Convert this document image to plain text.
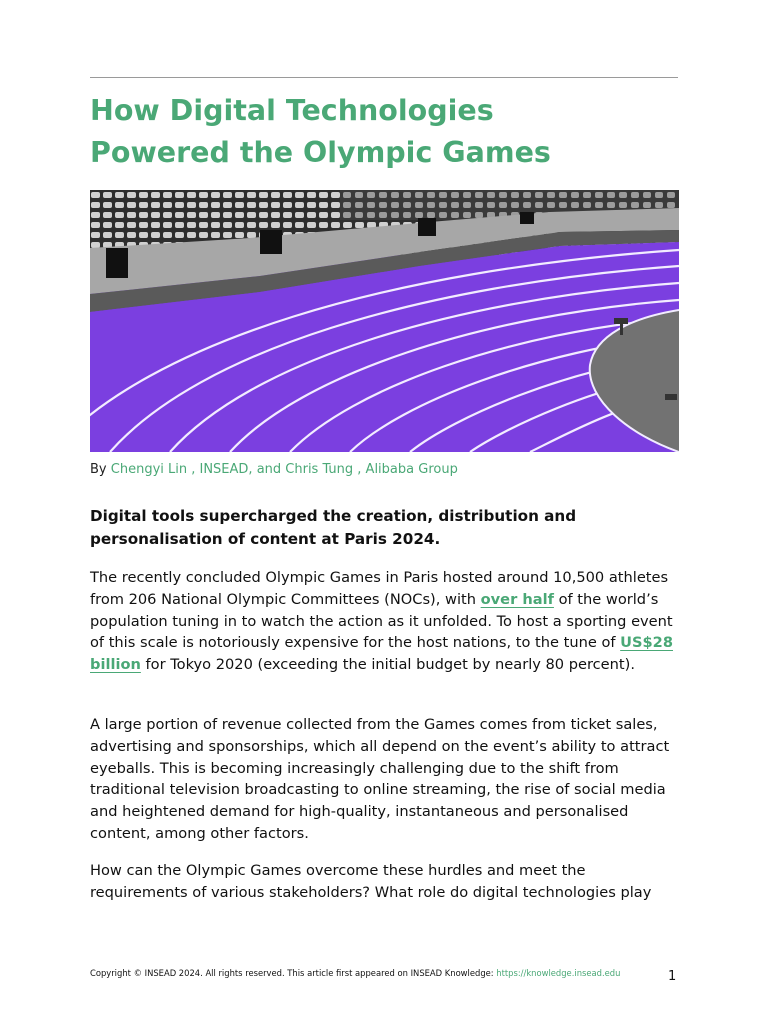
How Digital Technologies
Powered the Olympic Games
By Chengyi Lin , INSEAD, and Chris Tung , Alibaba Group

Digital tools supercharged the creation, distribution and personalisation of content at Paris 2024.

The recently concluded Olympic Games in Paris hosted around 10,500 athletes from 206 National Olympic Committees (NOCs), with over half of the world’s population tuning in to watch the action as it unfolded. To host a sporting event of this scale is notoriously expensive for the host nations, to the tune of US$28 billion for Tokyo 2020 (exceeding the initial budget by nearly 80 percent).

A large portion of revenue collected from the Games comes from ticket sales, advertising and sponsorships, which all depend on the event’s ability to attract eyeballs. This is becoming increasingly challenging due to the shift from traditional television broadcasting to online streaming, the rise of social media and heightened demand for high-quality, instantaneous and personalised content, among other factors.

How can the Olympic Games overcome these hurdles and meet the requirements of various stakeholders? What role do digital technologies play

Copyright © INSEAD 2024. All rights reserved. This article first appeared on INSEAD Knowledge: https://knowledge.insead.edu	1
